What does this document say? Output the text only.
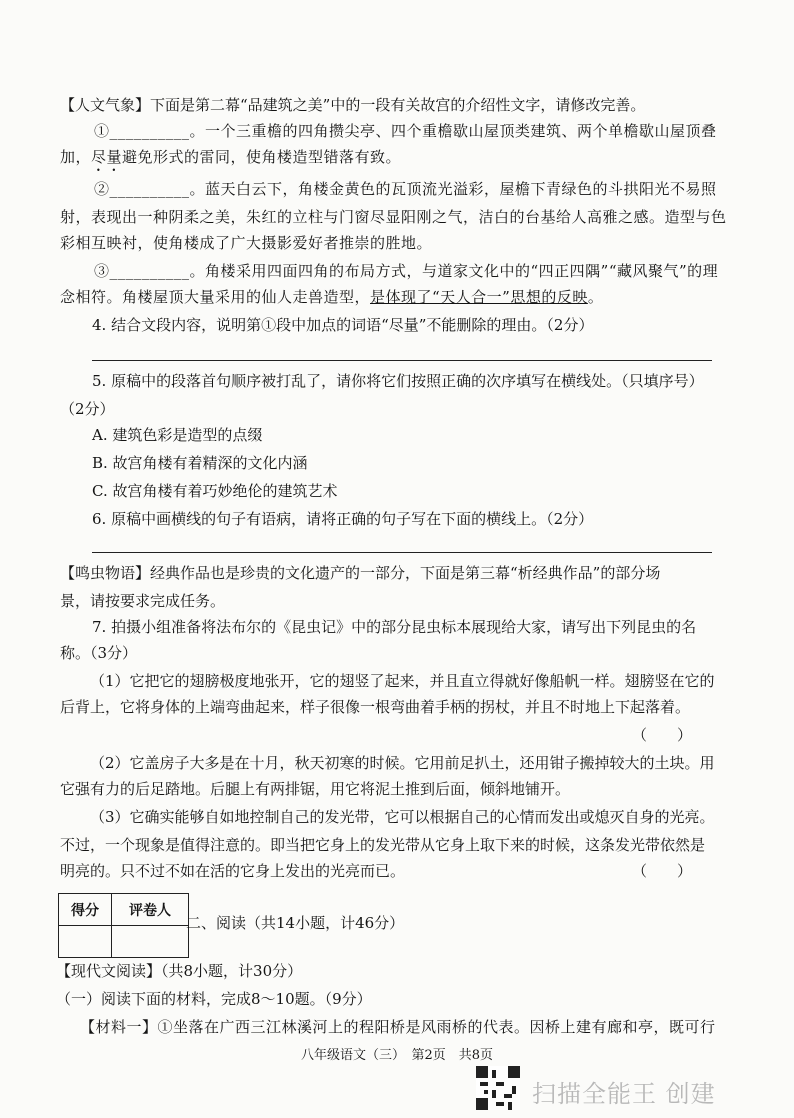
【人文气象】下面是第二幕“品建筑之美”中的一段有关故宫的介绍性文字，请修改完善。
①__________。一个三重檐的四角攒尖亭、四个重檐歇山屋顶类建筑、两个单檐歇山屋顶叠
加，尽量避免形式的雷同，使角楼造型错落有致。
②__________。蓝天白云下，角楼金黄色的瓦顶流光溢彩，屋檐下青绿色的斗拱阳光不易照
射，表现出一种阴柔之美，朱红的立柱与门窗尽显阳刚之气，洁白的台基给人高雅之感。造型与色
彩相互映衬，使角楼成了广大摄影爱好者推崇的胜地。
③__________。角楼采用四面四角的布局方式，与道家文化中的“四正四隅”“藏风聚气”的理
念相符。角楼屋顶大量采用的仙人走兽造型，是体现了“天人合一”思想的反映。
4. 结合文段内容，说明第①段中加点的词语“尽量”不能删除的理由。（2分）
5. 原稿中的段落首句顺序被打乱了，请你将它们按照正确的次序填写在横线处。（只填序号）
（2分）
A. 建筑色彩是造型的点缀
B. 故宫角楼有着精深的文化内涵
C. 故宫角楼有着巧妙绝伦的建筑艺术
6. 原稿中画横线的句子有语病，请将正确的句子写在下面的横线上。（2分）
【鸣虫物语】经典作品也是珍贵的文化遗产的一部分，下面是第三幕“析经典作品”的部分场
景，请按要求完成任务。
7. 拍摄小组准备将法布尔的《昆虫记》中的部分昆虫标本展现给大家，请写出下列昆虫的名
称。（3分）
（1）它把它的翅膀极度地张开，它的翅竖了起来，并且直立得就好像船帆一样。翅膀竖在它的
后背上，它将身体的上端弯曲起来，样子很像一根弯曲着手柄的拐杖，并且不时地上下起落着。
（　　）
（2）它盖房子大多是在十月，秋天初寒的时候。它用前足扒土，还用钳子搬掉较大的土块。用
它强有力的后足踏地。后腿上有两排锯，用它将泥土推到后面，倾斜地铺开。
（3）它确实能够自如地控制自己的发光带，它可以根据自己的心情而发出或熄灭自身的光亮。
不过，一个现象是值得注意的。即当把它身上的发光带从它身上取下来的时候，这条发光带依然是
明亮的。只不过不如在活的它身上发出的光亮而已。	（　　）
得分	评卷人

二、阅读（共14小题，计46分）
【现代文阅读】（共8小题，计30分）
（一）阅读下面的材料，完成8～10题。（9分）
【材料一】①坐落在广西三江林溪河上的程阳桥是风雨桥的代表。因桥上建有廊和亭，既可行
八年级语文（三）　第2页　共8页
扫描全能王 创建
